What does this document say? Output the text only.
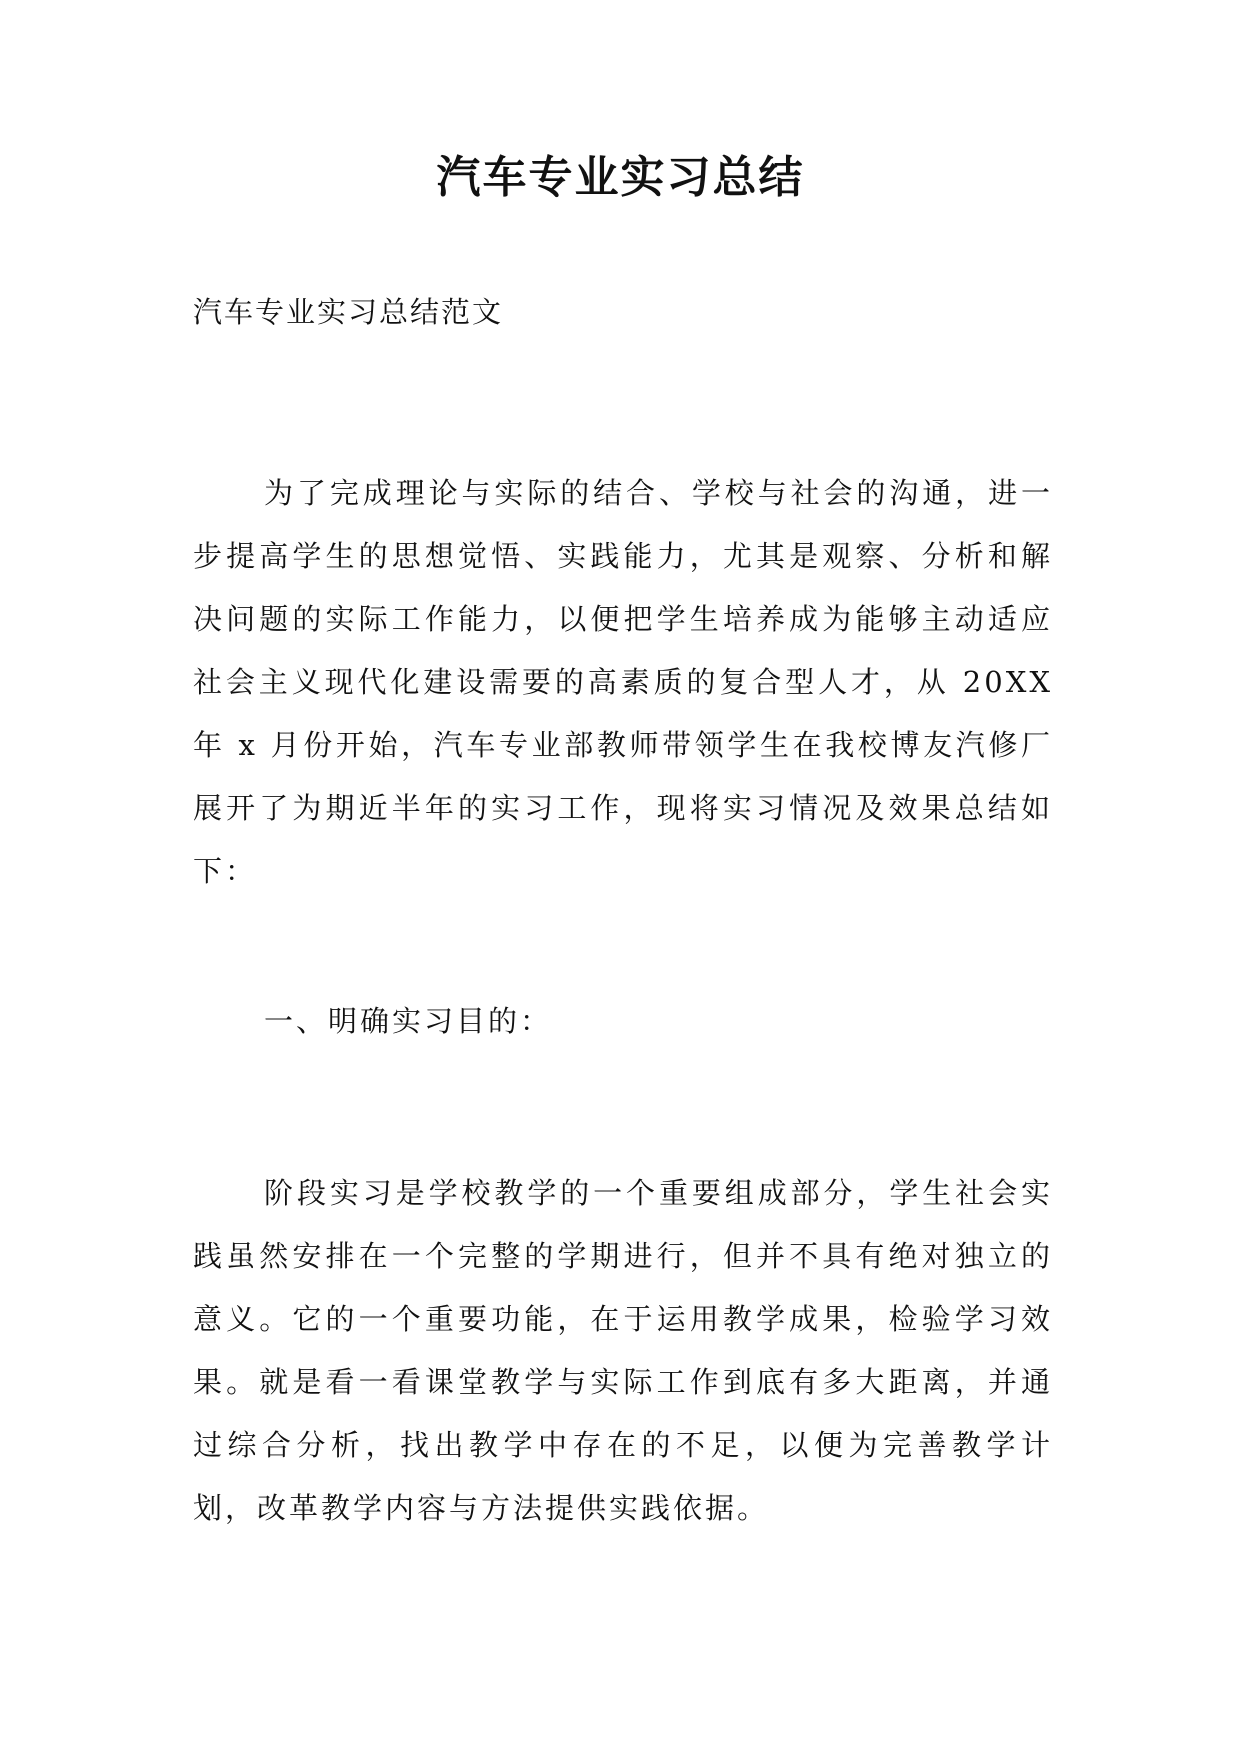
汽车专业实习总结
汽车专业实习总结范文

为了完成理论与实际的结合、学校与社会的沟通，进一步提高学生的思想觉悟、实践能力，尤其是观察、分析和解决问题的实际工作能力，以便把学生培养成为能够主动适应社会主义现代化建设需要的高素质的复合型人才，从 20XX 年 x 月份开始，汽车专业部教师带领学生在我校博友汽修厂展开了为期近半年的实习工作，现将实习情况及效果总结如下：

一、明确实习目的：

阶段实习是学校教学的一个重要组成部分，学生社会实践虽然安排在一个完整的学期进行，但并不具有绝对独立的意义。它的一个重要功能，在于运用教学成果，检验学习效果。就是看一看课堂教学与实际工作到底有多大距离，并通过综合分析，找出教学中存在的不足，以便为完善教学计划，改革教学内容与方法提供实践依据。
